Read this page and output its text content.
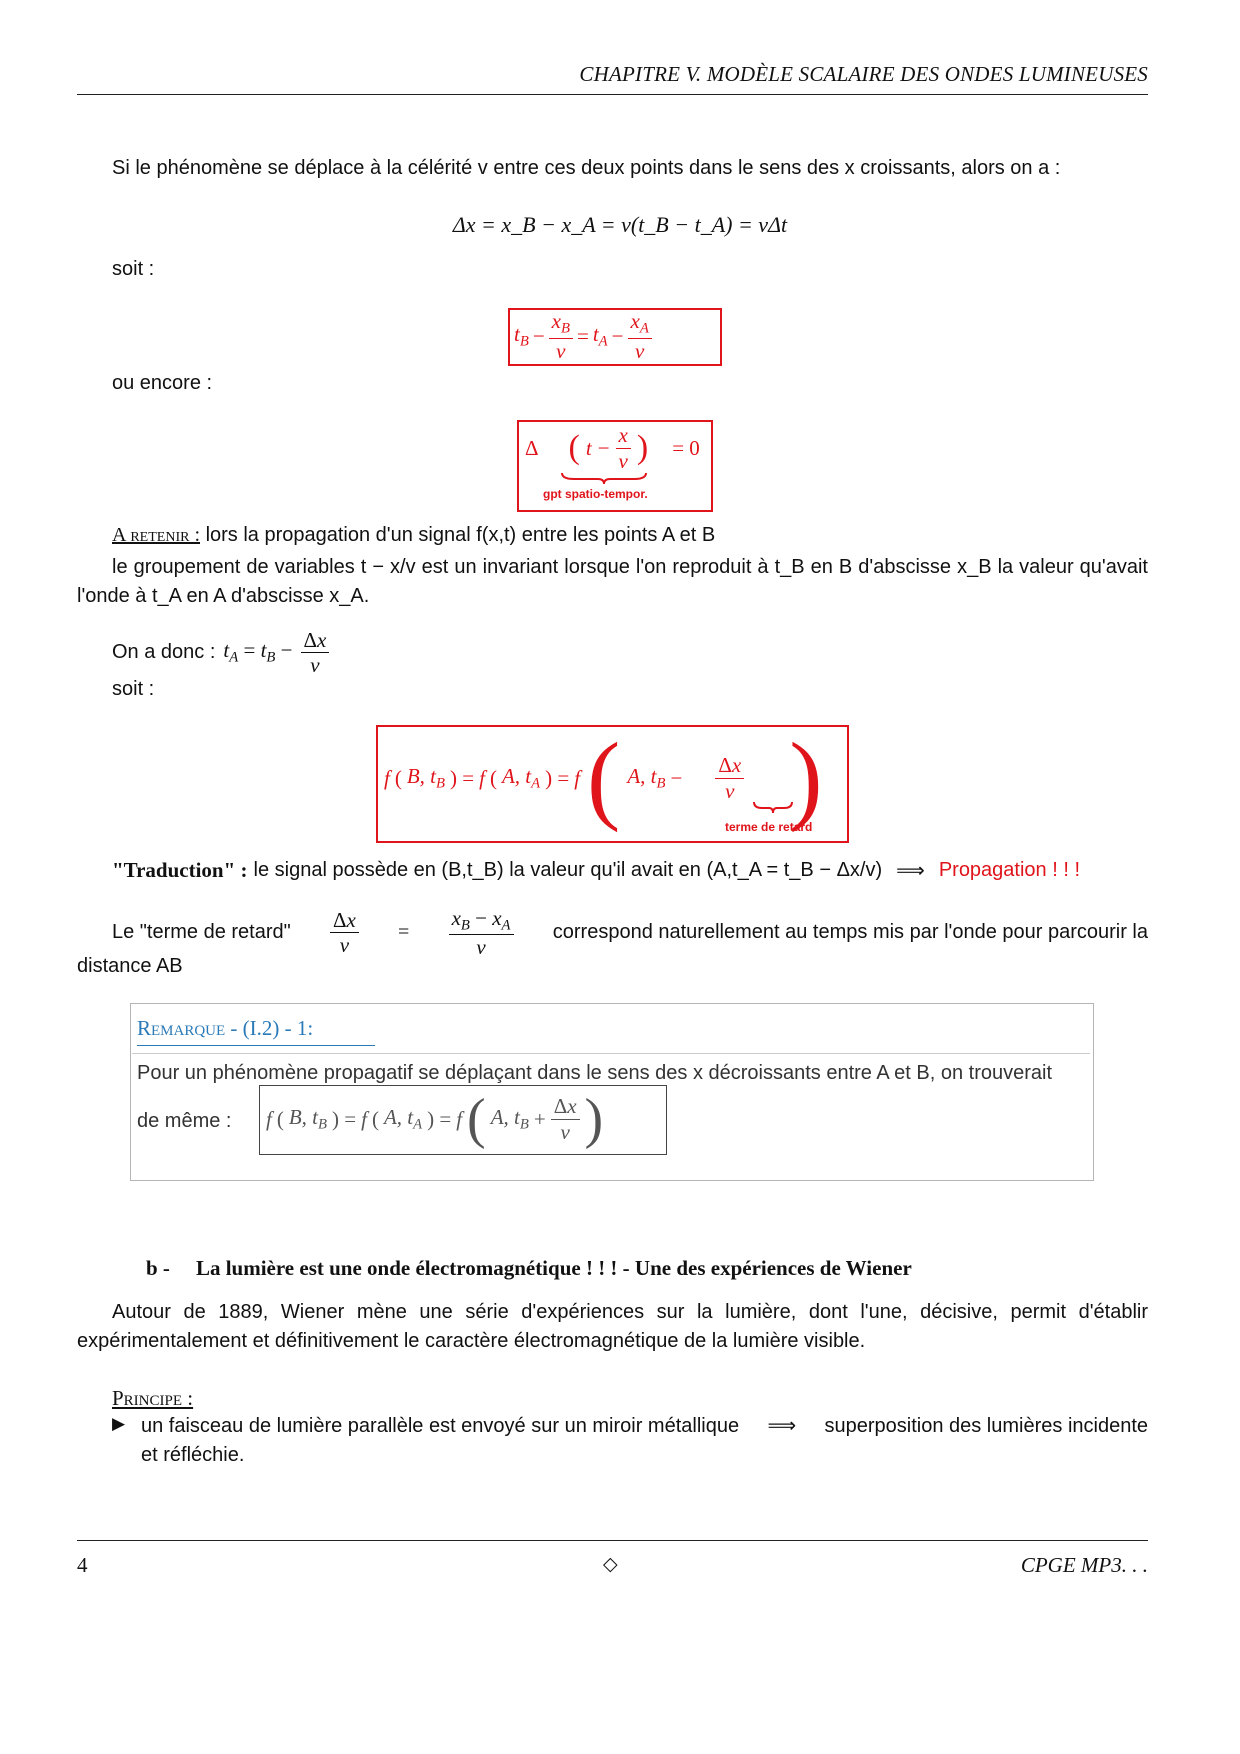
CHAPITRE V. MODÈLE SCALAIRE DES ONDES LUMINEUSES
Si le phénomène se déplace à la célérité v entre ces deux points dans le sens des x croissants, alors on a :
Δx = x_B − x_A = v(t_B − t_A) = vΔt
soit :
$t_B - \frac{x_B}{v} = t_A - \frac{x_A}{v}$
ou encore :
Δ ( $t - \frac{x}{v}$ ) = 0
gpt spatio-tempor.
A retenir : lors la propagation d'un signal f(x,t) entre les points A et B
le groupement de variables t − x/v est un invariant lorsque l'on reproduit à t_B en B d'abscisse x_B la valeur qu'avait l'onde à t_A en A d'abscisse x_A.
On a donc : $t_A = t_B - \frac{\Delta x}{v}$
soit :
f ( B, $t_B$ ) = f ( A, $t_A$ ) = f ( A, $t_B - \frac{\Delta x}{v}$ )
terme de retard
"Traduction" : le signal possède en (B,t_B) la valeur qu'il avait en (A,t_A = t_B − Δx/v) ⟹ Propagation ! ! !
Le "terme de retard" $\frac{\Delta x}{v} = \frac{x_B - x_A}{v}$ correspond naturellement au temps mis par l'onde pour parcourir la
distance AB
Remarque - (I.2) - 1:
Pour un phénomène propagatif se déplaçant dans le sens des x décroissants entre A et B, on trouverait
de même : f ( B, $t_B$ ) = f ( A, $t_A$ ) = f ( A, $t_B + \frac{\Delta x}{v}$ )
b - La lumière est une onde électromagnétique ! ! ! - Une des expériences de Wiener
Autour de 1889, Wiener mène une série d'expériences sur la lumière, dont l'une, décisive, permit d'établir expérimentalement et définitivement le caractère électromagnétique de la lumière visible.
Principe :
▶ un faisceau de lumière parallèle est envoyé sur un miroir métallique ⟹ superposition des lumières incidente
et réfléchie.
4	◇	CPGE MP3. . .
